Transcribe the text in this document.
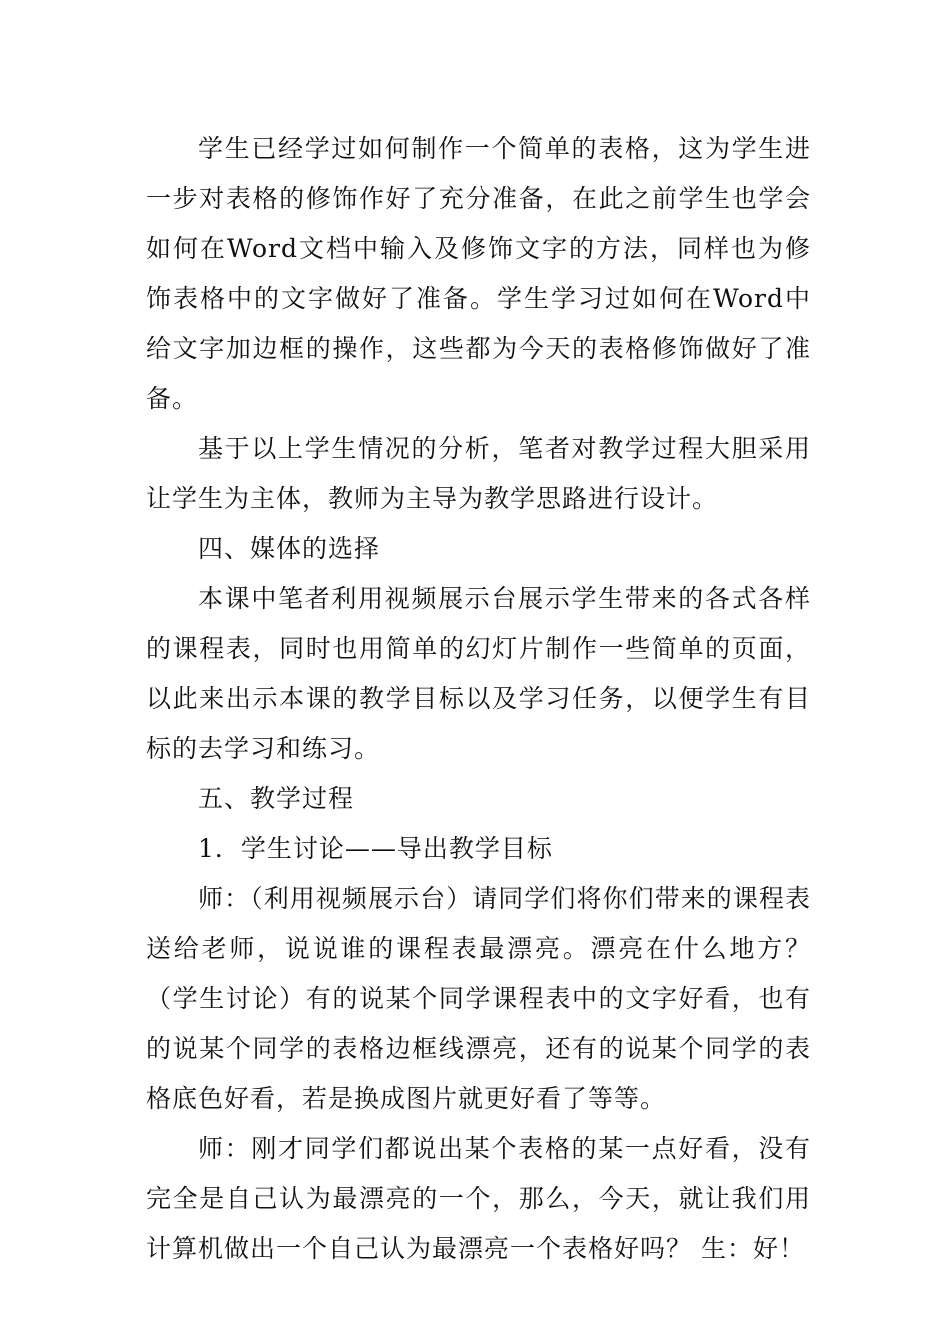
学生已经学过如何制作一个简单的表格，这为学生进一步对表格的修饰作好了充分准备，在此之前学生也学会如何在Word文档中输入及修饰文字的方法，同样也为修饰表格中的文字做好了准备。学生学习过如何在Word中给文字加边框的操作，这些都为今天的表格修饰做好了准备。

基于以上学生情况的分析，笔者对教学过程大胆采用让学生为主体，教师为主导为教学思路进行设计。

四、媒体的选择

本课中笔者利用视频展示台展示学生带来的各式各样的课程表，同时也用简单的幻灯片制作一些简单的页面，以此来出示本课的教学目标以及学习任务，以便学生有目标的去学习和练习。

五、教学过程

1．学生讨论——导出教学目标

师：（利用视频展示台）请同学们将你们带来的课程表送给老师，说说谁的课程表最漂亮。漂亮在什么地方？（学生讨论）有的说某个同学课程表中的文字好看，也有的说某个同学的表格边框线漂亮，还有的说某个同学的表格底色好看，若是换成图片就更好看了等等。

师：刚才同学们都说出某个表格的某一点好看，没有完全是自己认为最漂亮的一个，那么，今天，就让我们用计算机做出一个自己认为最漂亮一个表格好吗？ 生：好！
